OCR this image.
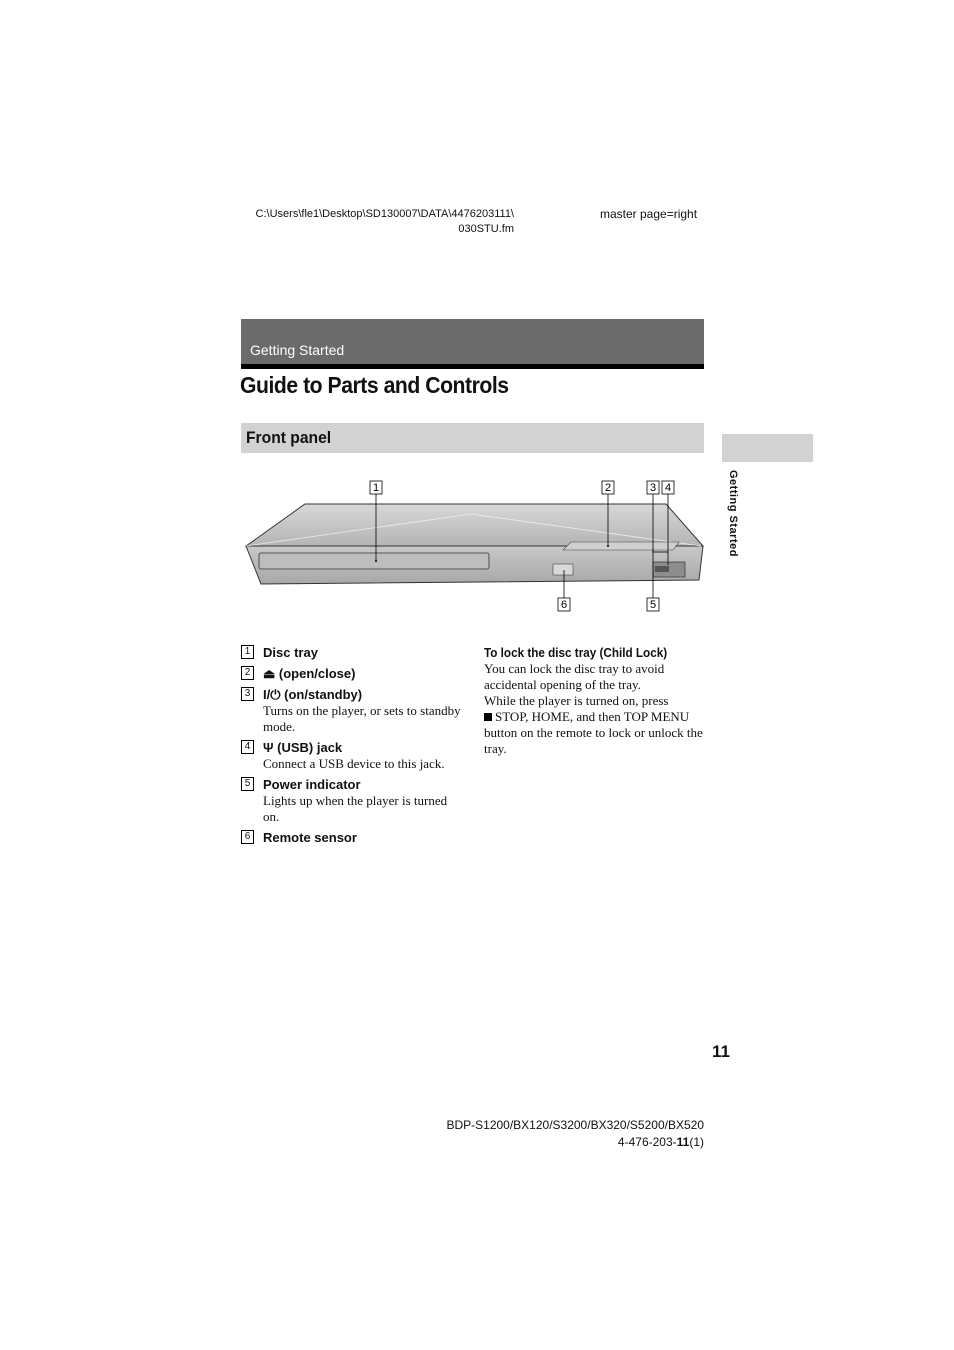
C:\Users\fle1\Desktop\SD130007\DATA\4476203111\
030STU.fm
master page=right
Getting Started
Guide to Parts and Controls
Front panel
Getting Started
1	2	3 4
5
6
1 Disc tray
2 ⏏ (open/close)
3 I/⏻ (on/standby)
Turns on the player, or sets to standby mode.
4 Ψ (USB) jack
Connect a USB device to this jack.
5 Power indicator
Lights up when the player is turned on.
6 Remote sensor
To lock the disc tray (Child Lock)
You can lock the disc tray to avoid accidental opening of the tray.
While the player is turned on, press
STOP, HOME, and then TOP MENU button on the remote to lock or unlock the tray.
11
BDP-S1200/BX120/S3200/BX320/S5200/BX520
4-476-203-11(1)
